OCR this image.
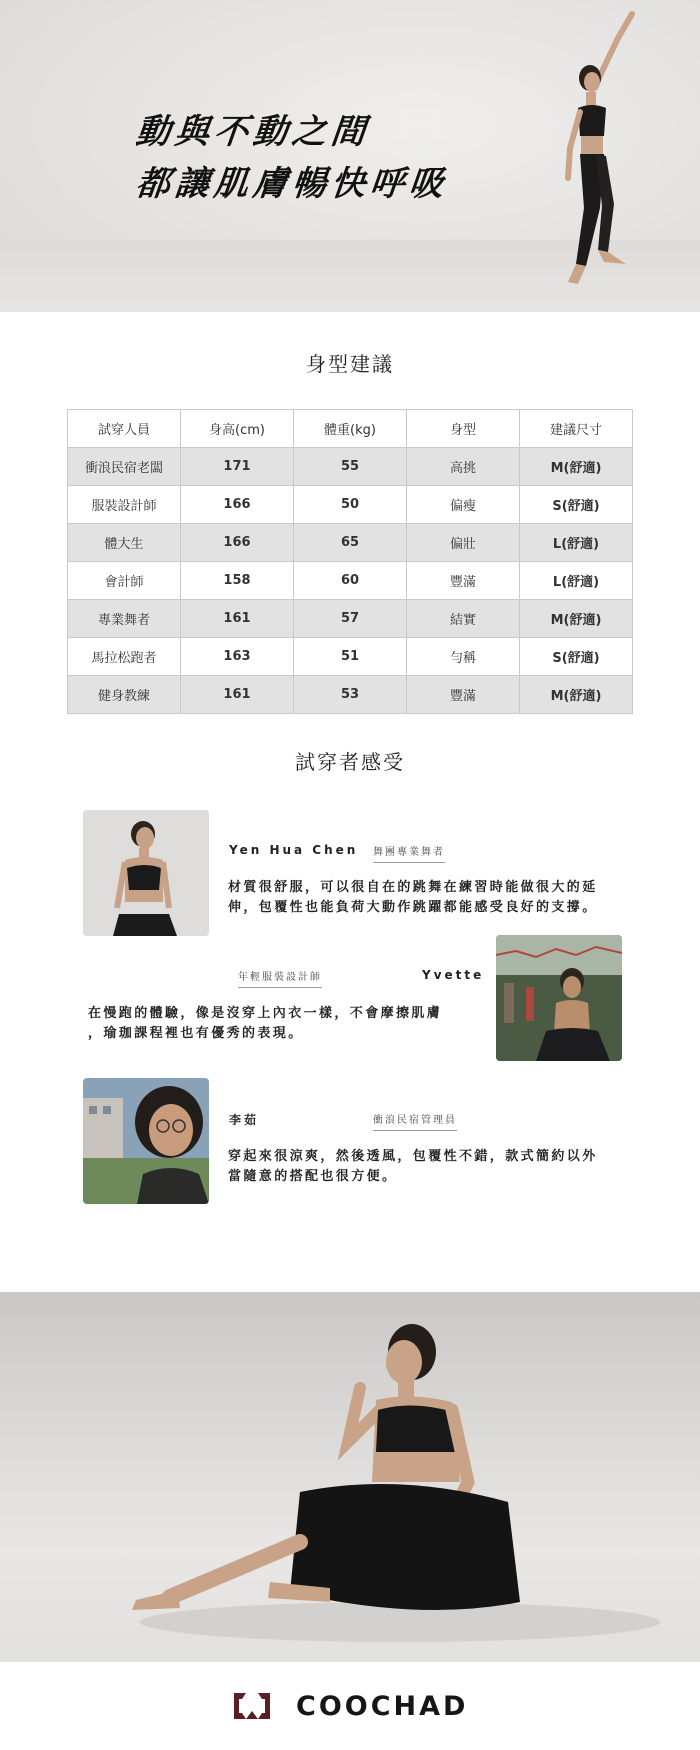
動與不動之間
都讓肌膚暢快呼吸
身型建議
試穿人員	身高(cm)	體重(kg)	身型	建議尺寸
衝浪民宿老闆	171	55	高挑	M(舒適)
服裝設計師	166	50	偏瘦	S(舒適)
體大生	166	65	偏壯	L(舒適)
會計師	158	60	豐滿	L(舒適)
專業舞者	161	57	結實	M(舒適)
馬拉松跑者	163	51	勻稱	S(舒適)
健身教練	161	53	豐滿	M(舒適)
試穿者感受
Yen Hua Chen 舞團專業舞者
材質很舒服，可以很自在的跳舞在練習時能做很大的延
伸，包覆性也能負荷大動作跳躍都能感受良好的支撐。
年輕服裝設計師	Yvette
在慢跑的體驗，像是沒穿上內衣一樣，不會摩擦肌膚
，瑜珈課程裡也有優秀的表現。
李茹	衝浪民宿管理員
穿起來很涼爽，然後透風，包覆性不錯，款式簡約以外
當隨意的搭配也很方便。
COOCHAD
